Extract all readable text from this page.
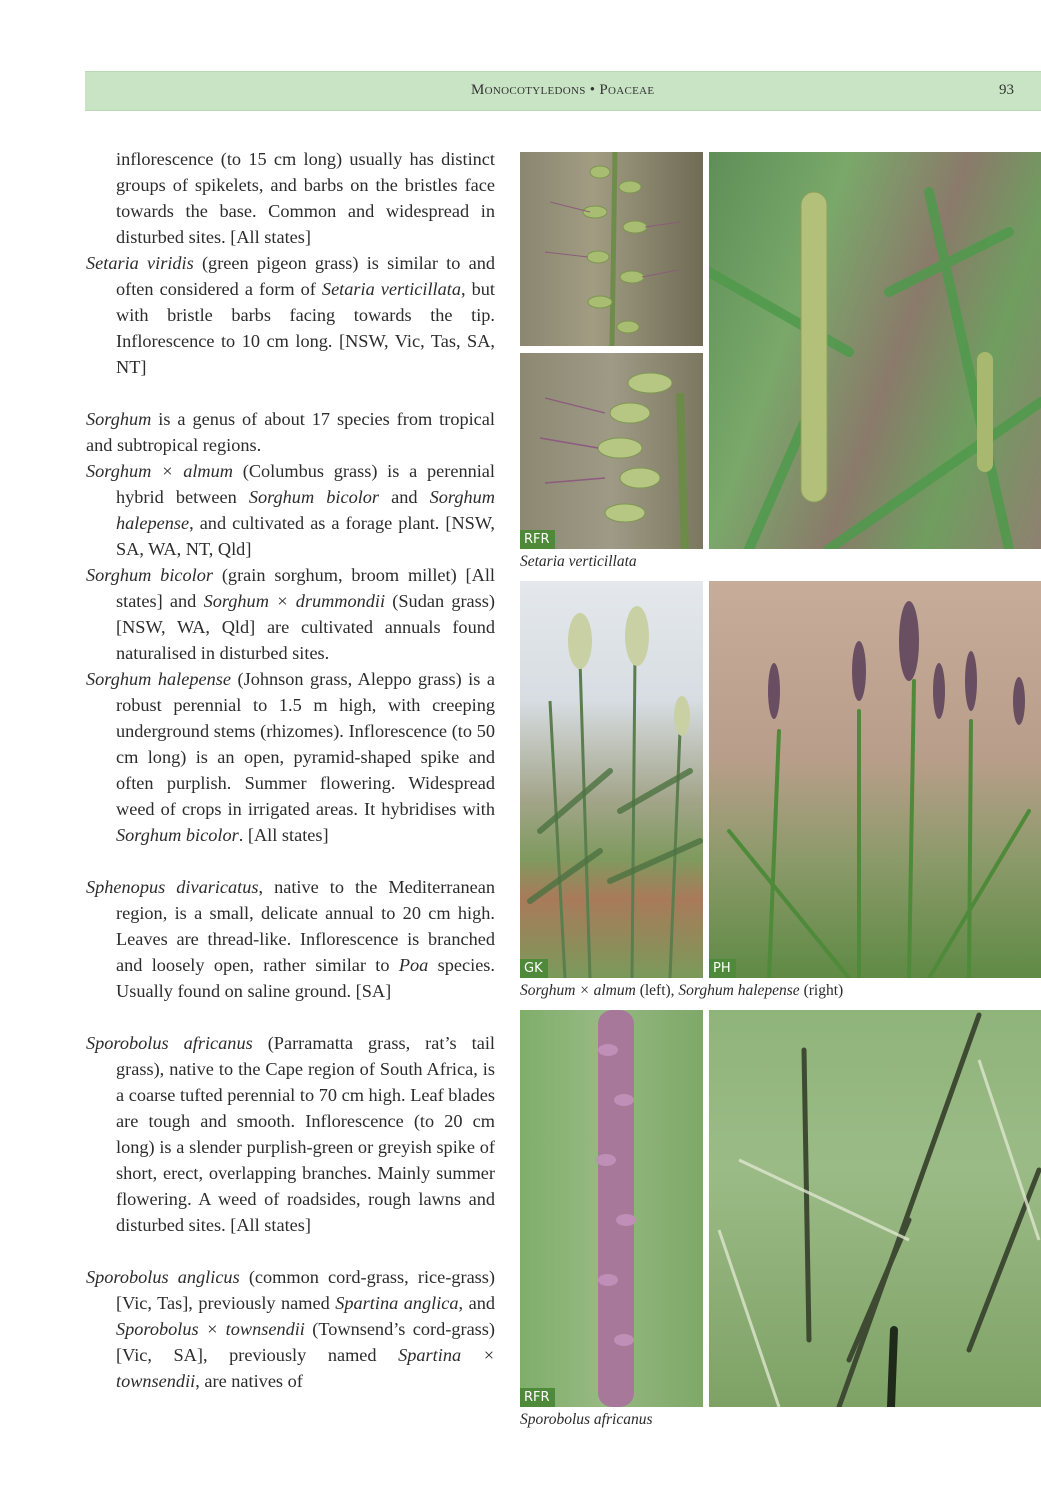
Monocotyledons • Poaceae	93

inflorescence (to 15 cm long) usually has distinct groups of spikelets, and barbs on the bristles face towards the base. Common and widespread in disturbed sites. [All states]

Setaria viridis (green pigeon grass) is similar to and often considered a form of Setaria verticillata, but with bristle barbs facing towards the tip. Inflorescence to 10 cm long. [NSW, Vic, Tas, SA, NT]

Sorghum is a genus of about 17 species from tropical and subtropical regions.

Sorghum × almum (Columbus grass) is a perennial hybrid between Sorghum bicolor and Sorghum halepense, and cultivated as a forage plant. [NSW, SA, WA, NT, Qld]

Sorghum bicolor (grain sorghum, broom millet) [All states] and Sorghum × drummondii (Sudan grass) [NSW, WA, Qld] are cultivated annuals found naturalised in disturbed sites.

Sorghum halepense (Johnson grass, Aleppo grass) is a robust perennial to 1.5 m high, with creeping underground stems (rhizomes). Inflorescence (to 50 cm long) is an open, pyramid-shaped spike and often purplish. Summer flowering. Widespread weed of crops in irrigated areas. It hybridises with Sorghum bicolor. [All states]

Sphenopus divaricatus, native to the Mediterranean region, is a small, delicate annual to 20 cm high. Leaves are thread-like. Inflorescence is branched and loosely open, rather similar to Poa species. Usually found on saline ground. [SA]

Sporobolus africanus (Parramatta grass, rat’s tail grass), native to the Cape region of South Africa, is a coarse tufted perennial to 70 cm high. Leaf blades are tough and smooth. Inflorescence (to 20 cm long) is a slender purplish-green or greyish spike of short, erect, overlapping branches. Mainly summer flowering. A weed of roadsides, rough lawns and disturbed sites. [All states]

Sporobolus anglicus (common cord-grass, rice-grass) [Vic, Tas], previously named Spartina anglica, and Sporobolus × townsendii (Townsend’s cord-grass) [Vic, SA], previously named Spartina × townsendii, are natives of

RFR
Setaria verticillata
GK	PH
Sorghum × almum (left), Sorghum halepense (right)
RFR
Sporobolus africanus
